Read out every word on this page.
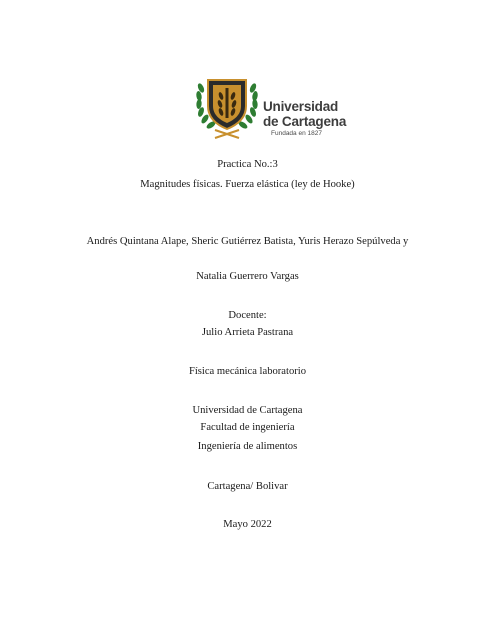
Universidad
de Cartagena
Fundada en 1827
Practica No.:3
Magnitudes físicas. Fuerza elástica (ley de Hooke)
Andrés Quintana Alape, Sheric Gutiérrez Batista, Yuris Herazo Sepúlveda y
Natalia Guerrero Vargas
Docente:
Julio Arrieta Pastrana
Física mecánica laboratorio
Universidad de Cartagena
Facultad de ingeniería
Ingeniería de alimentos
Cartagena/ Bolivar
Mayo 2022
